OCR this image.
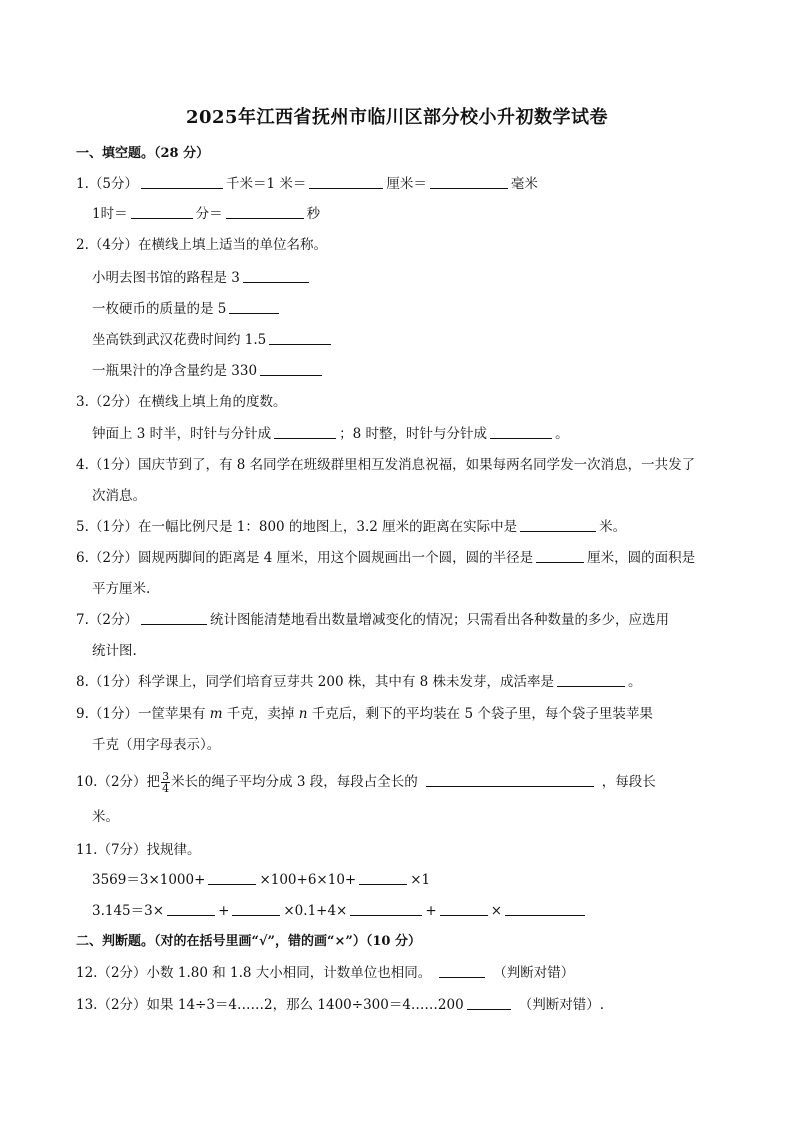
2025年江西省抚州市临川区部分校小升初数学试卷
一、填空题。（28 分）
1.（5分）	千米＝1 米＝	厘米＝	毫米
1时＝	分＝	秒
2.（4分）在横线上填上适当的单位名称。
小明去图书馆的路程是 3
一枚硬币的质量的是 5
坐高铁到武汉花费时间约 1.5
一瓶果汁的净含量约是 330
3.（2分）在横线上填上角的度数。
钟面上 3 时半，时针与分针成	；8 时整，时针与分针成	。
4.（1分）国庆节到了，有 8 名同学在班级群里相互发消息祝福，如果每两名同学发一次消息，一共发了
次消息。
5.（1分）在一幅比例尺是 1：800 的地图上，3.2 厘米的距离在实际中是	米。
6.（2分）圆规两脚间的距离是 4 厘米，用这个圆规画出一个圆，圆的半径是	厘米，圆的面积是
平方厘米.
7.（2分）	统计图能清楚地看出数量增减变化的情况；只需看出各种数量的多少，应选用
统计图.
8.（1分）科学课上，同学们培育豆芽共 200 株，其中有 8 株未发芽，成活率是	。
9.（1分）一筐苹果有 m 千克，卖掉 n 千克后，剩下的平均装在 5 个袋子里，每个袋子里装苹果
千克（用字母表示）。
10.（2分）把 $\frac{3}{4}$ 米长的绳子平均分成 3 段，每段占全长的	，每段长
米。
11.（7分）找规律。
3569＝3×1000+	×100+6×10+	×1
3.145＝3×	+	×0.1+4×	+	×
二、判断题。（对的在括号里画“√”，错的画“×”）（10 分）
12.（2分）小数 1.80 和 1.8 大小相同，计数单位也相同。	（判断对错）
13.（2分）如果 14÷3＝4……2，那么 1400÷300＝4……200	（判断对错）.
